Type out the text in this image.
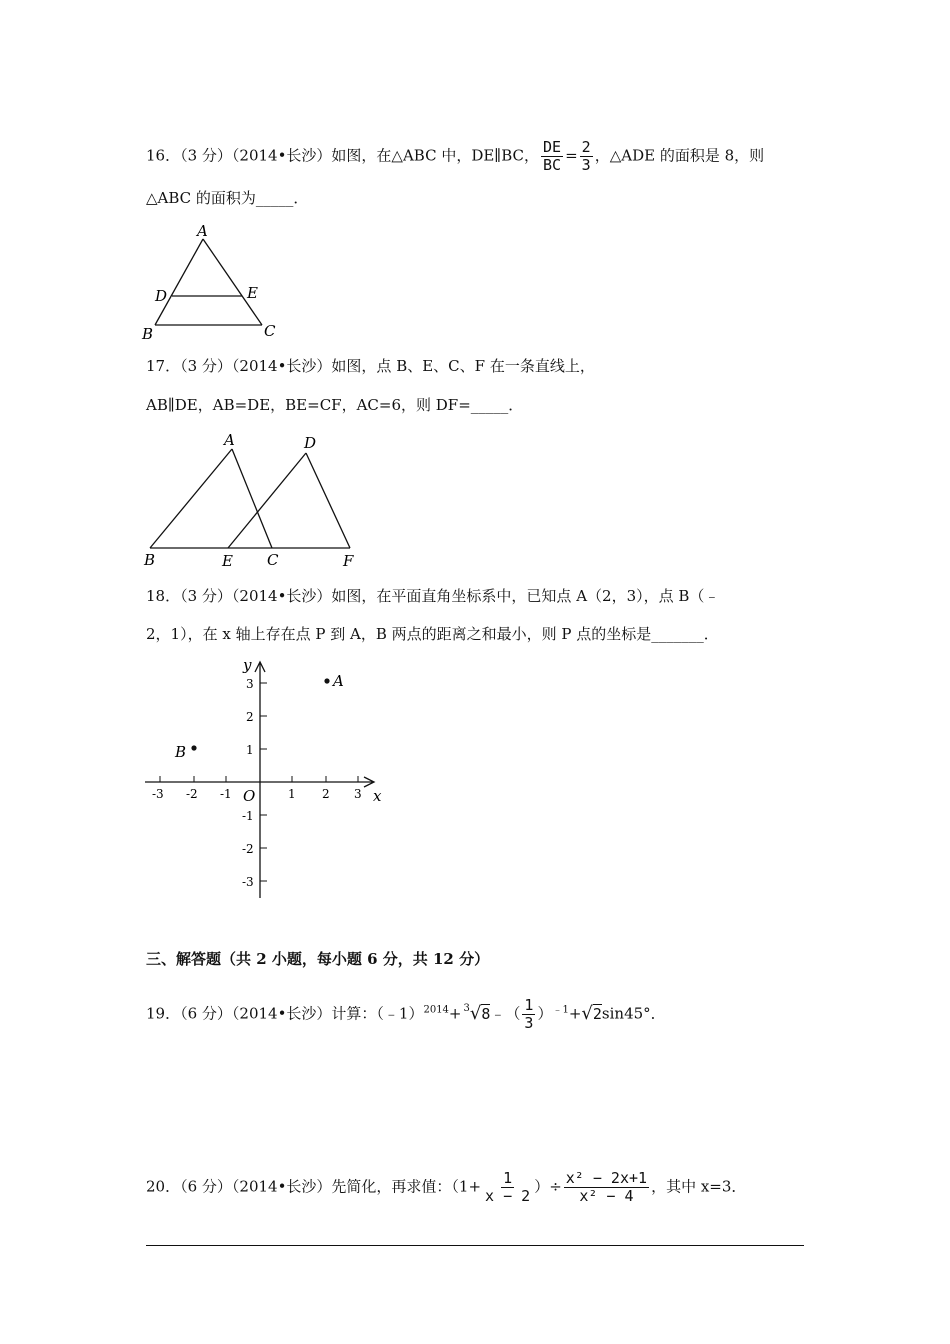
16．（3 分）（2014•长沙）如图，在△ABC 中，DE∥BC， $\frac{DE}{BC} = \frac{2}{3}$ ，△ADE 的面积是 8，则
△ABC 的面积为_____．
A
B	C
D	E
17．（3 分）（2014•长沙）如图，点 B、E、C、F 在一条直线上，
AB∥DE，AB=DE，BE=CF，AC=6，则 DF=_____．
A	D
B	E C	F
18．（3 分）（2014•长沙）如图，在平面直角坐标系中，已知点 A（2，3），点 B（﹣
2，1），在 x 轴上存在点 P 到 A，B 两点的距离之和最小，则 P 点的坐标是_______．
-3 -2 -1	1 2 3
3
2
1
-1
-2
-3
O	x
y
A
B
三、解答题（共 2 小题，每小题 6 分，共 12 分）
19．（6 分）（2014•长沙）计算：（﹣1）$^{2014}$+ $^3$√8﹣（ $\frac{1}{3} )^{﹣1}+√2\sin 45^\circ$．
20．（6 分）（2014•长沙）先简化，再求值：（$1+ \frac{1}{x - 2}$ ）÷ $\frac{\text{x² − 2x+1}}{\text{x² − 4}}$ ，其中 x=3．
